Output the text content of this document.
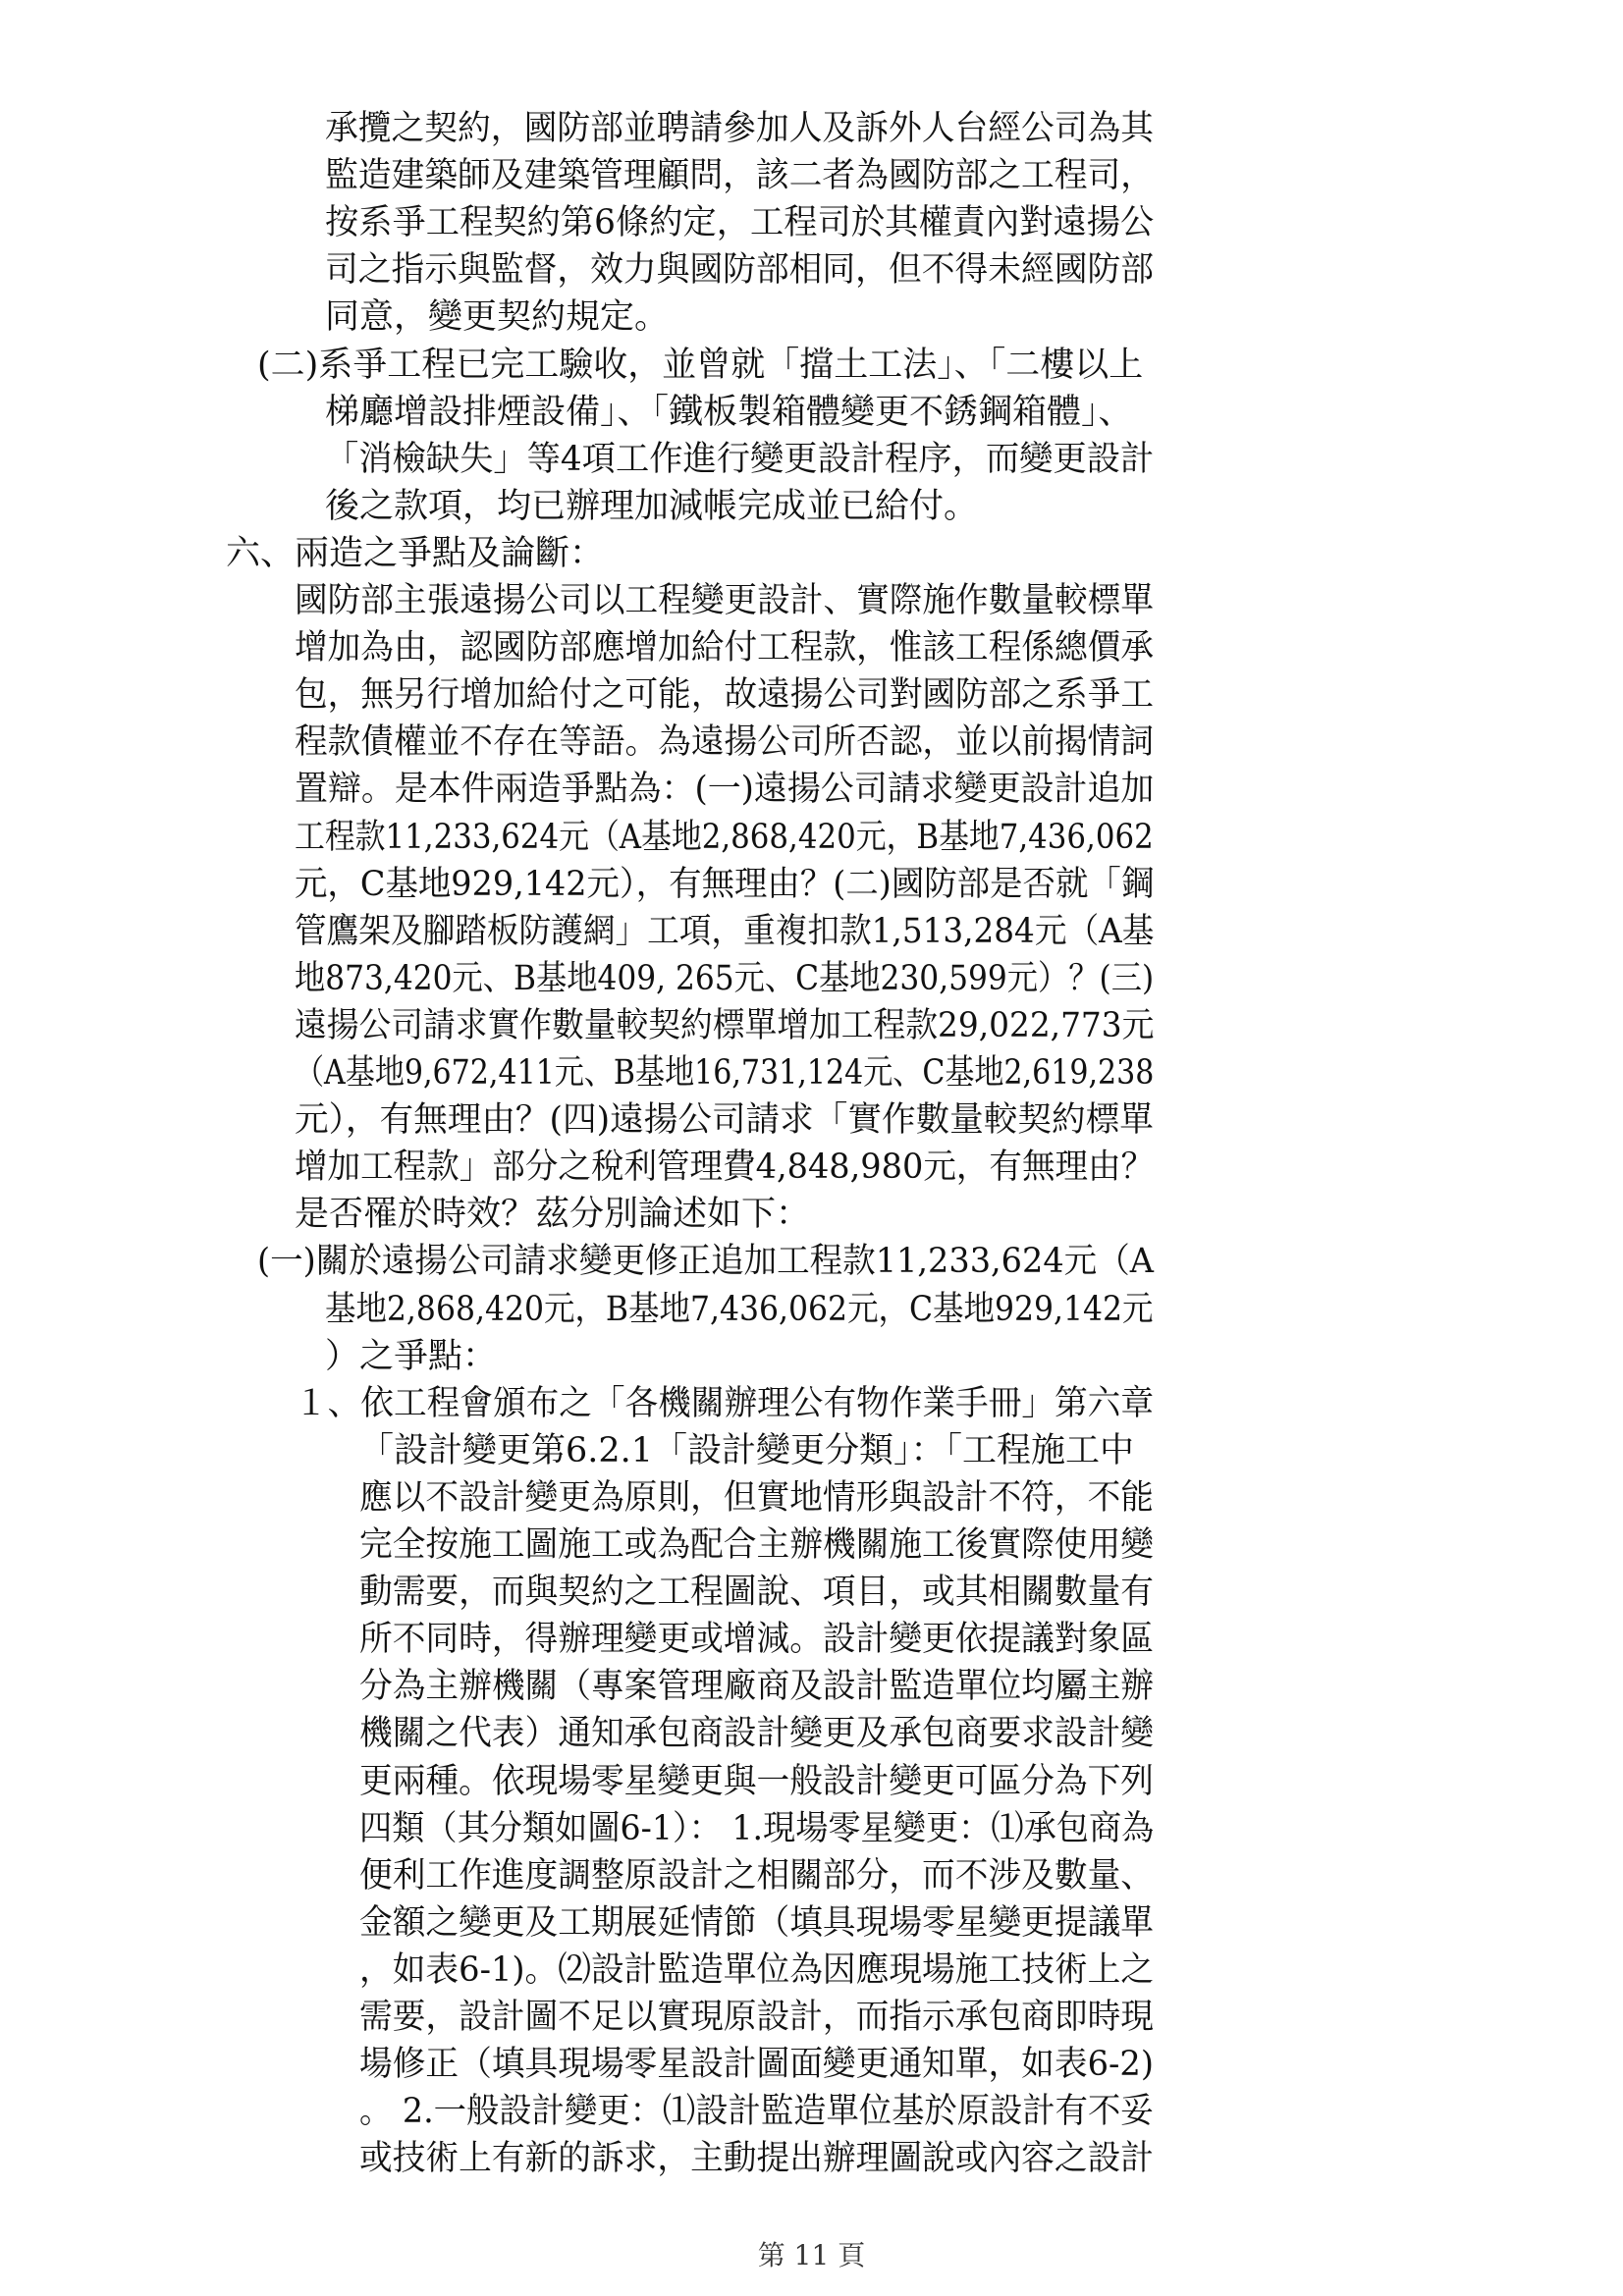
承攬之契約，國防部並聘請參加人及訴外人台經公司為其
監造建築師及建築管理顧問，該二者為國防部之工程司，
按系爭工程契約第6條約定，工程司於其權責內對遠揚公
司之指示與監督，效力與國防部相同，但不得未經國防部
同意，變更契約規定。
(二)系爭工程已完工驗收，並曾就「擋土工法」、「二樓以上
梯廳增設排煙設備」、「鐵板製箱體變更不銹鋼箱體」、
「消檢缺失」等4項工作進行變更設計程序，而變更設計
後之款項，均已辦理加減帳完成並已給付。
六、兩造之爭點及論斷：
國防部主張遠揚公司以工程變更設計、實際施作數量較標單
增加為由，認國防部應增加給付工程款，惟該工程係總價承
包，無另行增加給付之可能，故遠揚公司對國防部之系爭工
程款債權並不存在等語。為遠揚公司所否認，並以前揭情詞
置辯。是本件兩造爭點為：(一)遠揚公司請求變更設計追加
工程款11,233,624元（A基地2,868,420元，B基地7,436,062
元，C基地929,142元），有無理由？(二)國防部是否就「鋼
管鷹架及腳踏板防護網」工項，重複扣款1,513,284元（A基
地873,420元、B基地409, 265元、C基地230,599元）？(三)
遠揚公司請求實作數量較契約標單增加工程款29,022,773元
（A基地9,672,411元、B基地16,731,124元、C基地2,619,238
元），有無理由？(四)遠揚公司請求「實作數量較契約標單
增加工程款」部分之稅利管理費4,848,980元，有無理由？
是否罹於時效？茲分別論述如下：
(一)關於遠揚公司請求變更修正追加工程款11,233,624元（A
基地2,868,420元，B基地7,436,062元，C基地929,142元
）之爭點：
１、依工程會頒布之「各機關辦理公有物作業手冊」第六章
「設計變更第6.2.1「設計變更分類」：「工程施工中
應以不設計變更為原則，但實地情形與設計不符，不能
完全按施工圖施工或為配合主辦機關施工後實際使用變
動需要，而與契約之工程圖說、項目，或其相關數量有
所不同時，得辦理變更或增減。設計變更依提議對象區
分為主辦機關（專案管理廠商及設計監造單位均屬主辦
機關之代表）通知承包商設計變更及承包商要求設計變
更兩種。依現場零星變更與一般設計變更可區分為下列
四類（其分類如圖6-1）： 1.現場零星變更：⑴承包商為
便利工作進度調整原設計之相關部分，而不涉及數量、
金額之變更及工期展延情節（填具現場零星變更提議單
，如表6-1)。⑵設計監造單位為因應現場施工技術上之
需要，設計圖不足以實現原設計，而指示承包商即時現
場修正（填具現場零星設計圖面變更通知單，如表6-2)
。 2.一般設計變更：⑴設計監造單位基於原設計有不妥
或技術上有新的訴求，主動提出辦理圖說或內容之設計
第 11 頁
